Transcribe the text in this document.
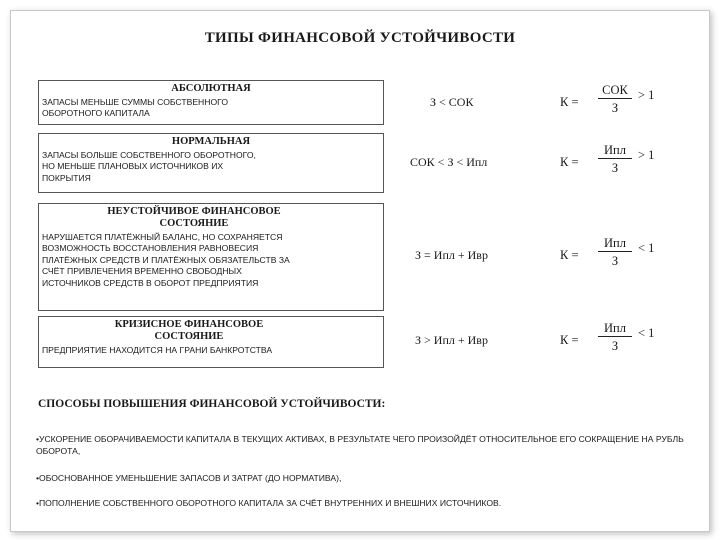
ТИПЫ ФИНАНСОВОЙ УСТОЙЧИВОСТИ
АБСОЛЮТНАЯ
ЗАПАСЫ МЕНЬШЕ СУММЫ СОБСТВЕННОГО
ОБОРОТНОГО КАПИТАЛА
З < СОК	К =
СОК
З
> 1
НОРМАЛЬНАЯ
ЗАПАСЫ БОЛЬШЕ СОБСТВЕННОГО ОБОРОТНОГО,
НО МЕНЬШЕ ПЛАНОВЫХ ИСТОЧНИКОВ ИХ
ПОКРЫТИЯ
СОК < З < Ипл	К =
Ипл
З
> 1
НЕУСТОЙЧИВОЕ ФИНАНСОВОЕ СОСТОЯНИЕ
НАРУШАЕТСЯ ПЛАТЁЖНЫЙ БАЛАНС, НО СОХРАНЯЕТСЯ
ВОЗМОЖНОСТЬ ВОССТАНОВЛЕНИЯ РАВНОВЕСИЯ
ПЛАТЁЖНЫХ СРЕДСТВ И ПЛАТЁЖНЫХ ОБЯЗАТЕЛЬСТВ ЗА
СЧЁТ ПРИВЛЕЧЕНИЯ ВРЕМЕННО СВОБОДНЫХ
ИСТОЧНИКОВ СРЕДСТВ В ОБОРОТ ПРЕДПРИЯТИЯ
З = Ипл + Ивр	К =
Ипл
З
< 1
КРИЗИСНОЕ ФИНАНСОВОЕ СОСТОЯНИЕ
ПРЕДПРИЯТИЕ НАХОДИТСЯ НА ГРАНИ БАНКРОТСТВА
З > Ипл + Ивр	К =
Ипл
З
< 1
СПОСОБЫ ПОВЫШЕНИЯ ФИНАНСОВОЙ УСТОЙЧИВОСТИ:
•УСКОРЕНИЕ ОБОРАЧИВАЕМОСТИ КАПИТАЛА В ТЕКУЩИХ АКТИВАХ, В РЕЗУЛЬТАТЕ ЧЕГО ПРОИЗОЙДЁТ ОТНОСИТЕЛЬНОЕ ЕГО СОКРАЩЕНИЕ НА РУБЛЬ ОБОРОТА,
•ОБОСНОВАННОЕ УМЕНЬШЕНИЕ ЗАПАСОВ И ЗАТРАТ (ДО НОРМАТИВА),
•ПОПОЛНЕНИЕ СОБСТВЕННОГО ОБОРОТНОГО КАПИТАЛА ЗА СЧЁТ ВНУТРЕННИХ И ВНЕШНИХ ИСТОЧНИКОВ.
